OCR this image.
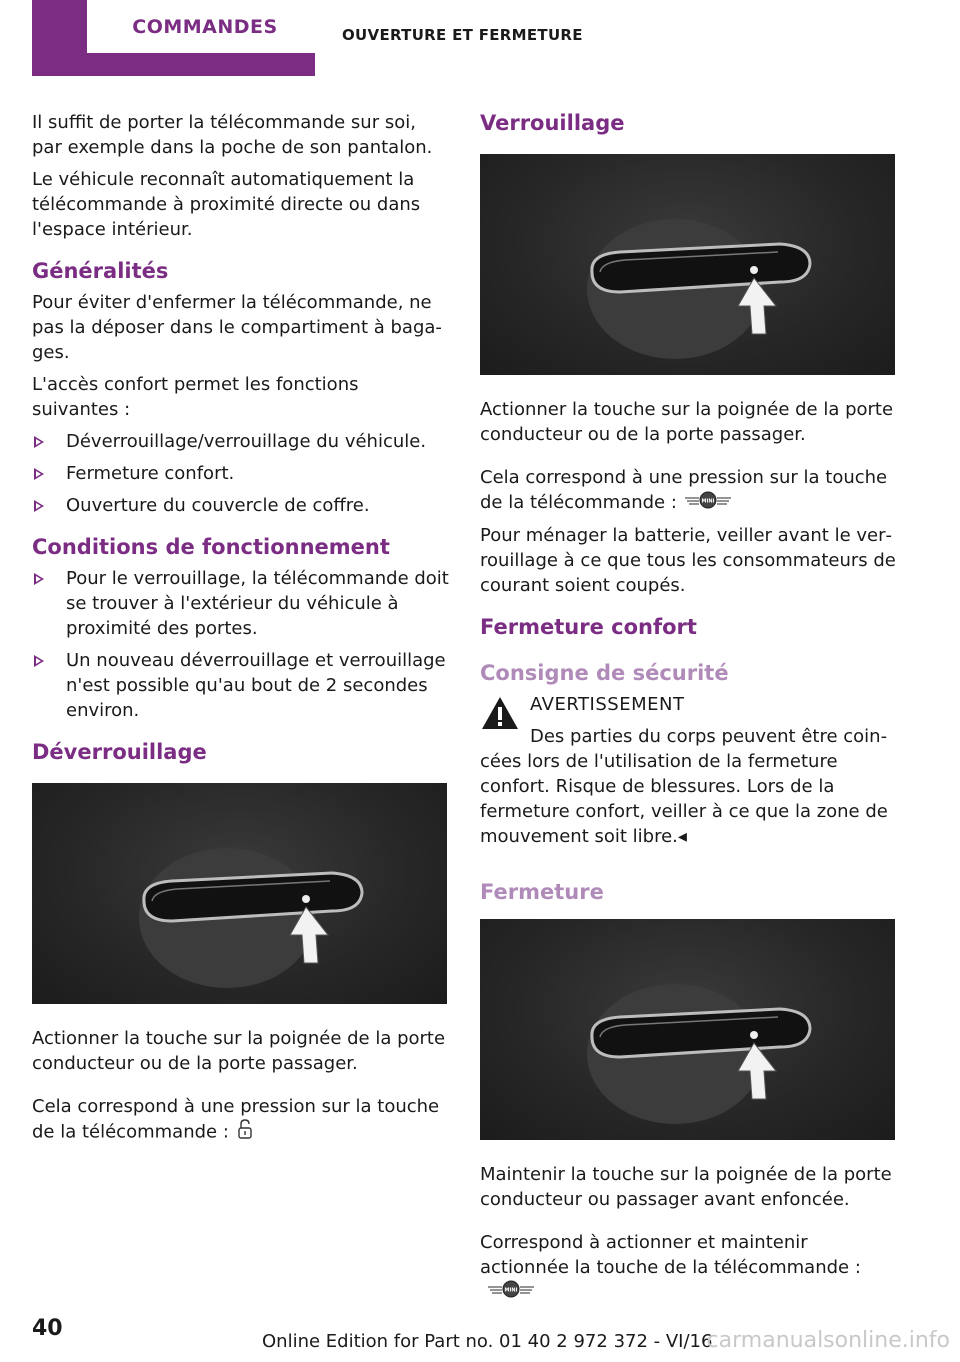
COMMANDES	OUVERTURE ET FERMETURE

Il suffit de porter la télécommande sur soi, par exemple dans la poche de son pantalon.

Le véhicule reconnaît automatiquement la télécommande à proximité directe ou dans l'espace intérieur.

Généralités

Pour éviter d'enfermer la télécommande, ne pas la déposer dans le compartiment à bagages.

L'accès confort permet les fonctions suivantes :

Déverrouillage/verrouillage du véhicule.
Fermeture confort.
Ouverture du couvercle de coffre.
Conditions de fonctionnement
Pour le verrouillage, la télécommande doit se trouver à l'extérieur du véhicule à proximité des portes.
Un nouveau déverrouillage et verrouillage n'est possible qu'au bout de 2 secondes environ.
Déverrouillage

Actionner la touche sur la poignée de la porte conducteur ou de la porte passager.

Cela correspond à une pression sur la touche de la télécommande :

Verrouillage

Actionner la touche sur la poignée de la porte conducteur ou de la porte passager.

Cela correspond à une pression sur la touche de la télécommande :	MINI

Pour ménager la batterie, veiller avant le verrouillage à ce que tous les consommateurs de courant soient coupés.

Fermeture confort
Consigne de sécurité
AVERTISSEMENT

Des parties du corps peuvent être coincées lors de l'utilisation de la fermeture confort. Risque de blessures. Lors de la fermeture confort, veiller à ce que la zone de mouvement soit libre.◂

Fermeture

Maintenir la touche sur la poignée de la porte conducteur ou passager avant enfoncée.

Correspond à actionner et maintenir actionnée la touche de la télécommande :
MINI

40
Online Edition for Part no. 01 40 2 972 372 - VI/16
carmanualsonline.info
